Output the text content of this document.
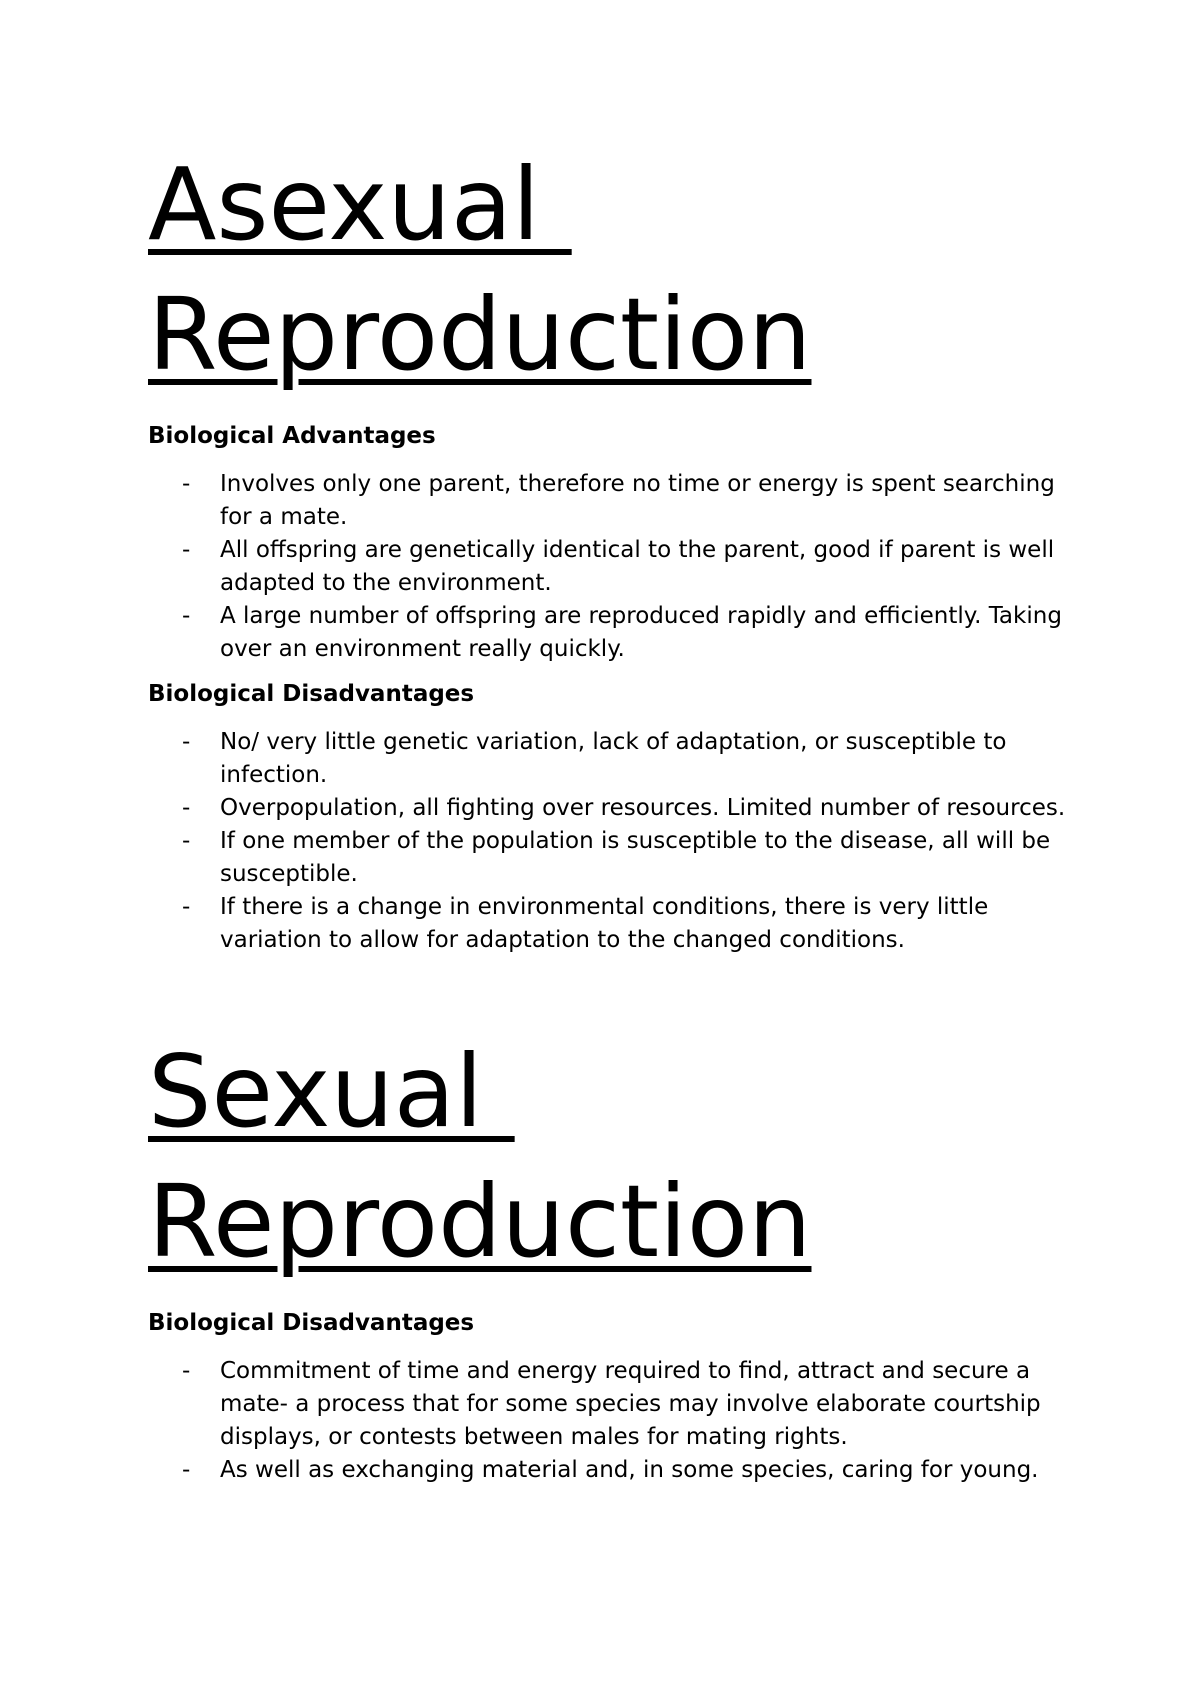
Asexual
Reproduction
Biological Advantages
- Involves only one parent, therefore no time or energy is spent searching for a mate.
- All offspring are genetically identical to the parent, good if parent is well adapted to the environment.
- A large number of offspring are reproduced rapidly and efficiently. Taking over an environment really quickly.
Biological Disadvantages
- No/ very little genetic variation, lack of adaptation, or susceptible to infection.
- Overpopulation, all fighting over resources. Limited number of resources.
- If one member of the population is susceptible to the disease, all will be susceptible.
- If there is a change in environmental conditions, there is very little variation to allow for adaptation to the changed conditions.
Sexual
Reproduction
Biological Disadvantages
- Commitment of time and energy required to find, attract and secure a mate- a process that for some species may involve elaborate courtship displays, or contests between males for mating rights.
- As well as exchanging material and, in some species, caring for young.
